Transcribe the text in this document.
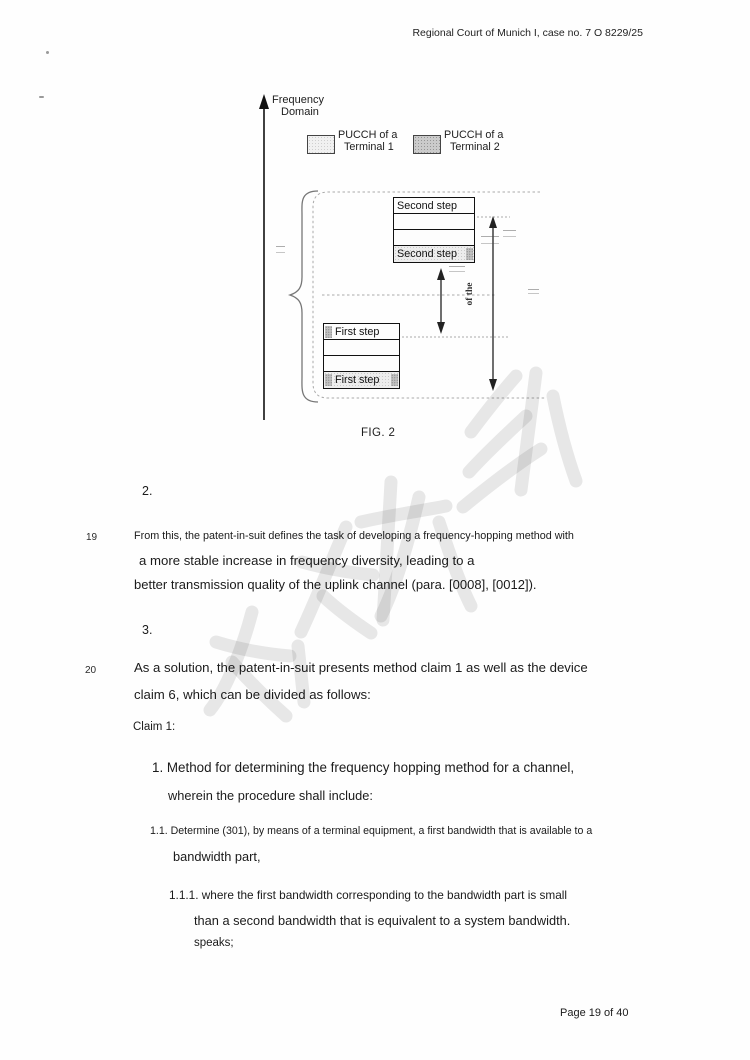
Regional Court of Munich I, case no. 7 O 8229/25
Frequency
Domain
PUCCH of a
Terminal 1
PUCCH of a
Terminal 2
Second step
Second step
First step
First step
of the
FIG. 2
2.
19	From this, the patent-in-suit defines the task of developing a frequency-hopping method with
a more stable increase in frequency diversity, leading to a
better transmission quality of the uplink channel (para. [0008], [0012]).
3.
20	As a solution, the patent-in-suit presents method claim 1 as well as the device
claim 6, which can be divided as follows:
Claim 1:
1. Method for determining the frequency hopping method for a channel,
wherein the procedure shall include:
1.1. Determine (301), by means of a terminal equipment, a first bandwidth that is available to a
bandwidth part,
1.1.1. where the first bandwidth corresponding to the bandwidth part is small
than a second bandwidth that is equivalent to a system bandwidth.
speaks;
Page 19 of 40
